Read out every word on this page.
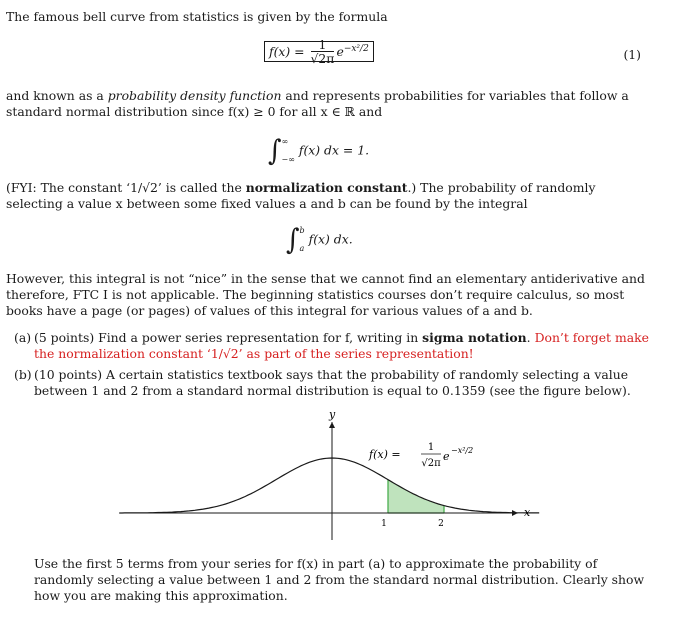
The famous bell curve from statistics is given by the formula

$f(x) = \frac{1}{√2\pi} e^{-x^2/2}$	(1)

and known as a probability density function and represents probabilities for variables that follow a standard normal distribution since f(x) ≥ 0 for all x ∈ ℝ and

∫ ∞
−∞
f(x) dx = 1.

(FYI: The constant ‘1/√2’ is called the normalization constant.) The probability of randomly selecting a value x between some fixed values a and b can be found by the integral

∫ b
a
f(x) dx.

However, this integral is not “nice” in the sense that we cannot find an elementary antiderivative and therefore, FTC I is not applicable. The beginning statistics courses don’t require calculus, so most books have a page (or pages) of values of this integral for various values of a and b.

(a) (5 points) Find a power series representation for f, writing in sigma notation. Don’t forget make the normalization constant ‘1/√2’ as part of the series representation!
(b) (10 points) A certain statistics textbook says that the probability of randomly selecting a value between 1 and 2 from a standard normal distribution is equal to 0.1359 (see the figure below).
y
x
1	2
f(x) =
1
√2π
e −x²/2

Use the first 5 terms from your series for f(x) in part (a) to approximate the probability of randomly selecting a value between 1 and 2 from the standard normal distribution. Clearly show how you are making this approximation.
